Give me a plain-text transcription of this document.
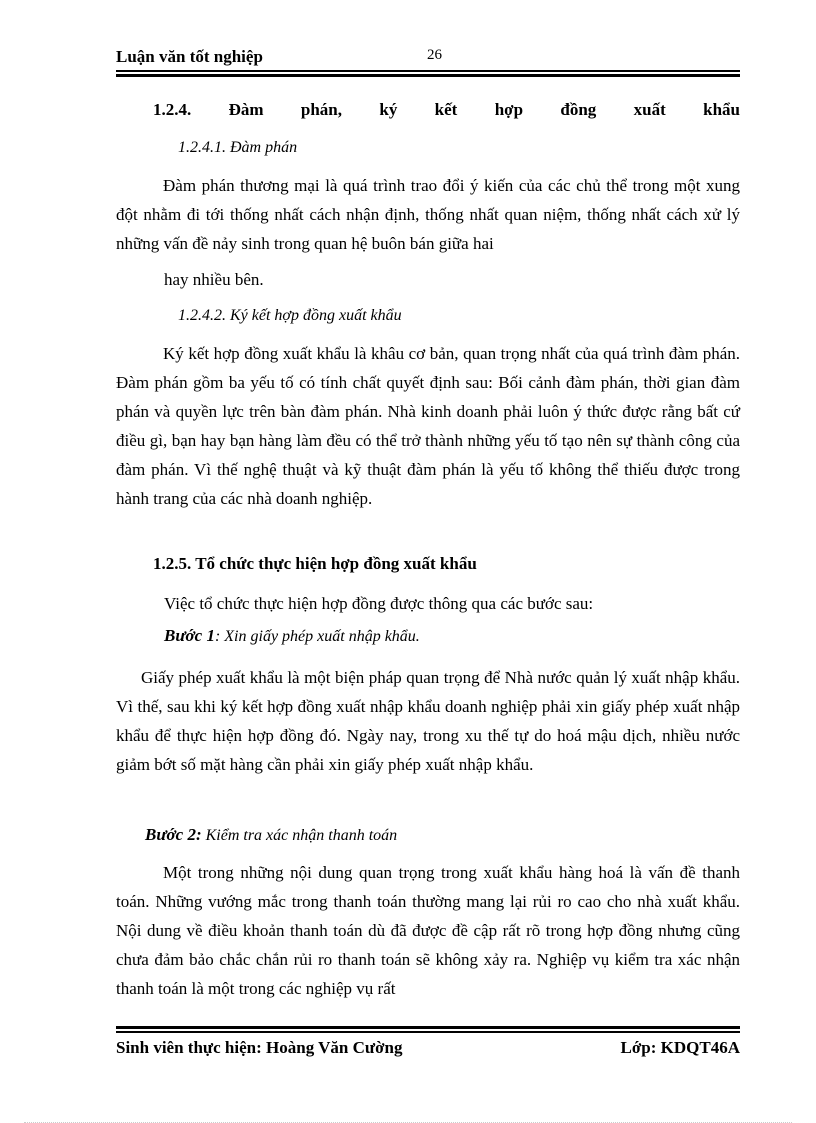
Luận văn tốt nghiệp	26
1.2.4. Đàm phán, ký kết hợp đồng xuất khẩu
1.2.4.1. Đàm phán
Đàm phán thương mại là quá trình trao đổi ý kiến của các chủ thể trong một xung đột nhằm đi tới thống nhất cách nhận định, thống nhất quan niệm, thống nhất cách xử lý những vấn đề nảy sinh trong quan hệ buôn bán giữa hai
hay nhiều bên.
1.2.4.2. Ký kết hợp đồng xuất khẩu
Ký kết hợp đồng xuất khẩu là khâu cơ bản, quan trọng nhất của quá trình đàm phán. Đàm phán gồm ba yếu tố có tính chất quyết định sau: Bối cảnh đàm phán, thời gian đàm phán và quyền lực trên bàn đàm phán. Nhà kinh doanh phải luôn ý thức được rằng bất cứ điều gì, bạn hay bạn hàng làm đều có thể trở thành những yếu tố tạo nên sự thành công của đàm phán. Vì thế nghệ thuật và kỹ thuật đàm phán là yếu tố không thể thiếu được trong hành trang của các nhà doanh nghiệp.
1.2.5. Tổ chức thực hiện hợp đồng xuất khẩu
Việc tổ chức thực hiện hợp đồng được thông qua các bước sau:
Bước 1: Xin giấy phép xuất nhập khẩu.
Giấy phép xuất khẩu là một biện pháp quan trọng để Nhà nước quản lý xuất nhập khẩu. Vì thế, sau khi ký kết hợp đồng xuất nhập khẩu doanh nghiệp phải xin giấy phép xuất nhập khẩu để thực hiện hợp đồng đó. Ngày nay, trong xu thế tự do hoá mậu dịch, nhiều nước giảm bớt số mặt hàng cần phải xin giấy phép xuất nhập khẩu.
Bước 2: Kiểm tra xác nhận thanh toán
Một trong những nội dung quan trọng trong xuất khẩu hàng hoá là vấn đề thanh toán. Những vướng mắc trong thanh toán thường mang lại rủi ro cao cho nhà xuất khẩu. Nội dung về điều khoản thanh toán dù đã được đề cập rất rõ trong hợp đồng nhưng cũng chưa đảm bảo chắc chắn rủi ro thanh toán sẽ không xảy ra. Nghiệp vụ kiểm tra xác nhận thanh toán là một trong các nghiệp vụ rất
Sinh viên thực hiện: Hoàng Văn Cường	Lớp: KDQT46A
